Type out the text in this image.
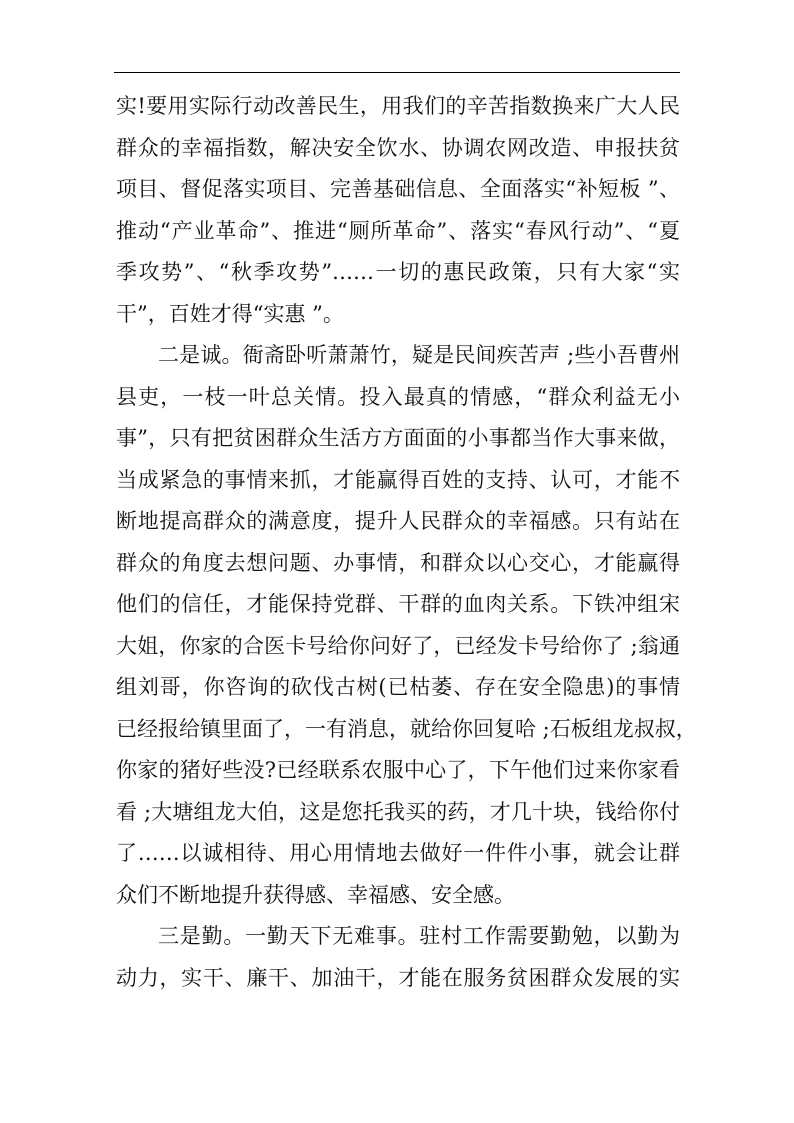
实!要用实际行动改善民生，用我们的辛苦指数换来广大人民
群众的幸福指数，解决安全饮水、协调农网改造、申报扶贫
项目、督促落实项目、完善基础信息、全面落实“补短板 ”、
推动“产业革命”、推进“厕所革命”、落实“春风行动”、“夏
季攻势”、“秋季攻势”……一切的惠民政策，只有大家“实
干”，百姓才得“实惠 ”。
二是诚。衙斋卧听萧萧竹，疑是民间疾苦声 ;些小吾曹州
县吏，一枝一叶总关情。投入最真的情感，“群众利益无小
事”，只有把贫困群众生活方方面面的小事都当作大事来做，
当成紧急的事情来抓，才能赢得百姓的支持、认可，才能不
断地提高群众的满意度，提升人民群众的幸福感。只有站在
群众的角度去想问题、办事情，和群众以心交心，才能赢得
他们的信任，才能保持党群、干群的血肉关系。下铁冲组宋
大姐，你家的合医卡号给你问好了，已经发卡号给你了 ;翁通
组刘哥，你咨询的砍伐古树(已枯萎、存在安全隐患)的事情
已经报给镇里面了，一有消息，就给你回复哈 ;石板组龙叔叔，
你家的猪好些没?已经联系农服中心了，下午他们过来你家看
看 ;大塘组龙大伯，这是您托我买的药，才几十块，钱给你付
了……以诚相待、用心用情地去做好一件件小事，就会让群
众们不断地提升获得感、幸福感、安全感。
三是勤。一勤天下无难事。驻村工作需要勤勉，以勤为
动力，实干、廉干、加油干，才能在服务贫困群众发展的实
